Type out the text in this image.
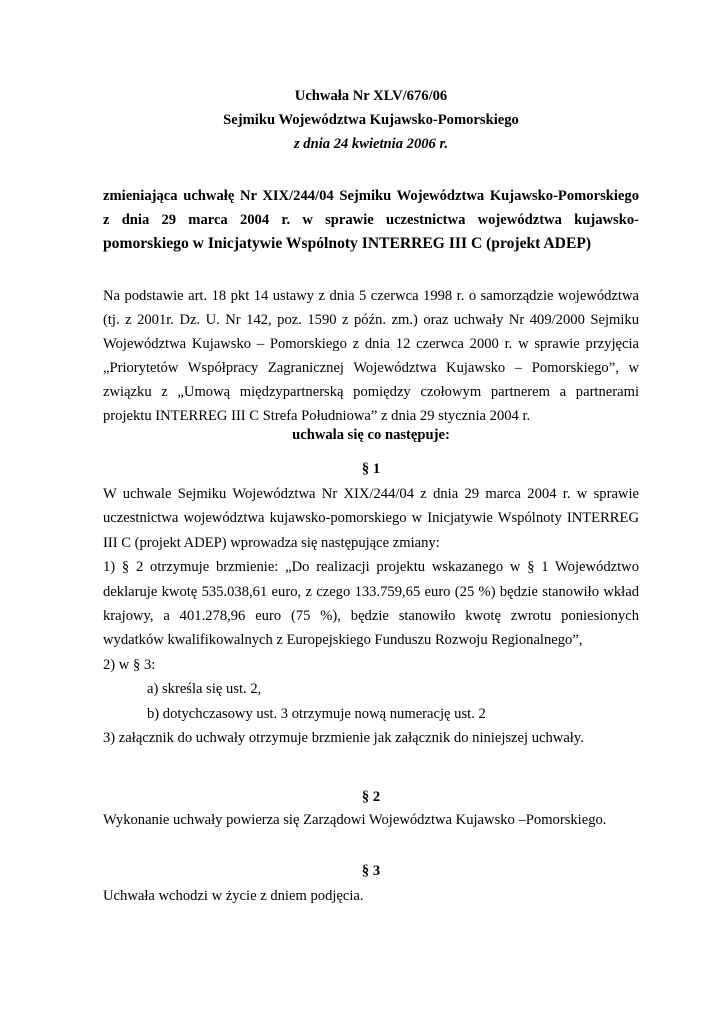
Uchwała Nr XLV/676/06
Sejmiku Województwa Kujawsko-Pomorskiego
z dnia 24 kwietnia 2006 r.
zmieniająca uchwałę Nr XIX/244/04 Sejmiku Województwa Kujawsko-Pomorskiego
z dnia 29 marca 2004 r. w sprawie uczestnictwa województwa kujawsko-
pomorskiego w Inicjatywie Wspólnoty INTERREG III C (projekt ADEP)
Na podstawie art. 18 pkt 14 ustawy z dnia 5 czerwca 1998 r. o samorządzie województwa
(tj. z 2001r. Dz. U. Nr 142, poz. 1590 z późn. zm.) oraz uchwały Nr 409/2000 Sejmiku
Województwa Kujawsko – Pomorskiego z dnia 12 czerwca 2000 r. w sprawie przyjęcia
„Priorytetów Współpracy Zagranicznej Województwa Kujawsko – Pomorskiego”, w
związku z „Umową międzypartnerską pomiędzy czołowym partnerem a partnerami
projektu INTERREG III C Strefa Południowa” z dnia 29 stycznia 2004 r.
uchwala się co następuje:
§ 1
W uchwale Sejmiku Województwa Nr XIX/244/04 z dnia 29 marca 2004 r. w sprawie
uczestnictwa województwa kujawsko-pomorskiego w Inicjatywie Wspólnoty INTERREG
III C (projekt ADEP) wprowadza się następujące zmiany:
1) § 2 otrzymuje brzmienie: „Do realizacji projektu wskazanego w § 1 Województwo
deklaruje kwotę 535.038,61 euro, z czego 133.759,65 euro (25 %) będzie stanowiło wkład
krajowy, a 401.278,96 euro (75 %), będzie stanowiło kwotę zwrotu poniesionych
wydatków kwalifikowalnych z Europejskiego Funduszu Rozwoju Regionalnego”,
2) w § 3:
a) skreśla się ust. 2,
b) dotychczasowy ust. 3 otrzymuje nową numerację ust. 2
3) załącznik do uchwały otrzymuje brzmienie jak załącznik do niniejszej uchwały.
§ 2
Wykonanie uchwały powierza się Zarządowi Województwa Kujawsko –Pomorskiego.
§ 3
Uchwała wchodzi w życie z dniem podjęcia.
